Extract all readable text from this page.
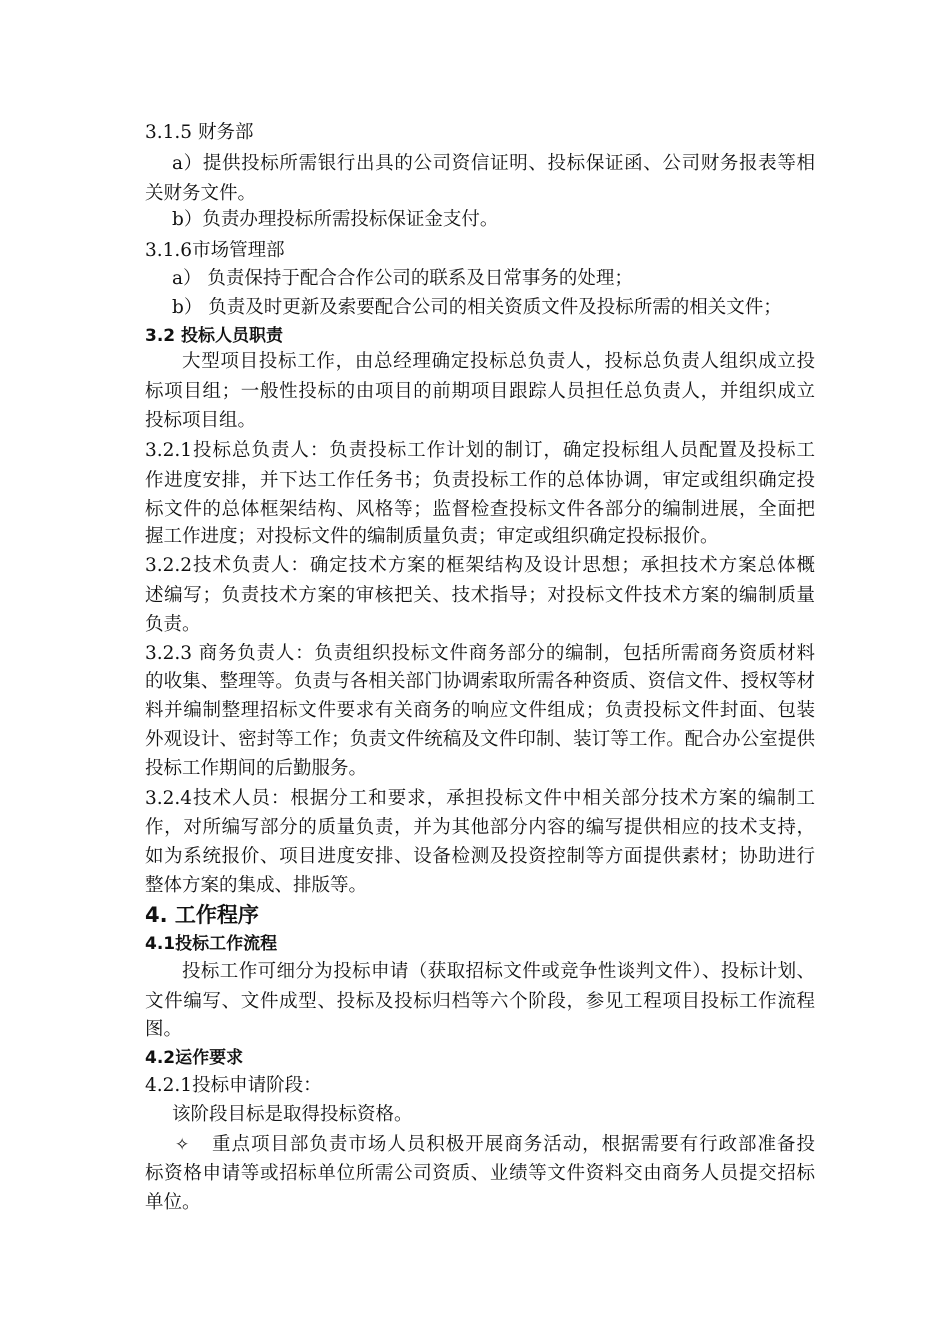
3.1.5 财务部
a）提供投标所需银行出具的公司资信证明、投标保证函、公司财务报表等相
关财务文件。
b）负责办理投标所需投标保证金支付。
3.1.6市场管理部
a） 负责保持于配合合作公司的联系及日常事务的处理；
b） 负责及时更新及索要配合公司的相关资质文件及投标所需的相关文件；
3.2 投标人员职责
大型项目投标工作，由总经理确定投标总负责人，投标总负责人组织成立投
标项目组；一般性投标的由项目的前期项目跟踪人员担任总负责人，并组织成立
投标项目组。
3.2.1投标总负责人：负责投标工作计划的制订，确定投标组人员配置及投标工
作进度安排，并下达工作任务书；负责投标工作的总体协调，审定或组织确定投
标文件的总体框架结构、风格等；监督检查投标文件各部分的编制进展，全面把
握工作进度；对投标文件的编制质量负责；审定或组织确定投标报价。
3.2.2技术负责人：确定技术方案的框架结构及设计思想；承担技术方案总体概
述编写；负责技术方案的审核把关、技术指导；对投标文件技术方案的编制质量
负责。
3.2.3 商务负责人：负责组织投标文件商务部分的编制，包括所需商务资质材料
的收集、整理等。负责与各相关部门协调索取所需各种资质、资信文件、授权等材
料并编制整理招标文件要求有关商务的响应文件组成；负责投标文件封面、包装
外观设计、密封等工作；负责文件统稿及文件印制、装订等工作。配合办公室提供
投标工作期间的后勤服务。
3.2.4技术人员：根据分工和要求，承担投标文件中相关部分技术方案的编制工
作，对所编写部分的质量负责，并为其他部分内容的编写提供相应的技术支持，
如为系统报价、项目进度安排、设备检测及投资控制等方面提供素材；协助进行
整体方案的集成、排版等。
4. 工作程序
4.1投标工作流程
投标工作可细分为投标申请（获取招标文件或竞争性谈判文件）、投标计划、
文件编写、文件成型、投标及投标归档等六个阶段，参见工程项目投标工作流程
图。
4.2运作要求
4.2.1投标申请阶段：
该阶段目标是取得投标资格。
✧ 重点项目部负责市场人员积极开展商务活动，根据需要有行政部准备投
标资格申请等或招标单位所需公司资质、业绩等文件资料交由商务人员提交招标
单位。
